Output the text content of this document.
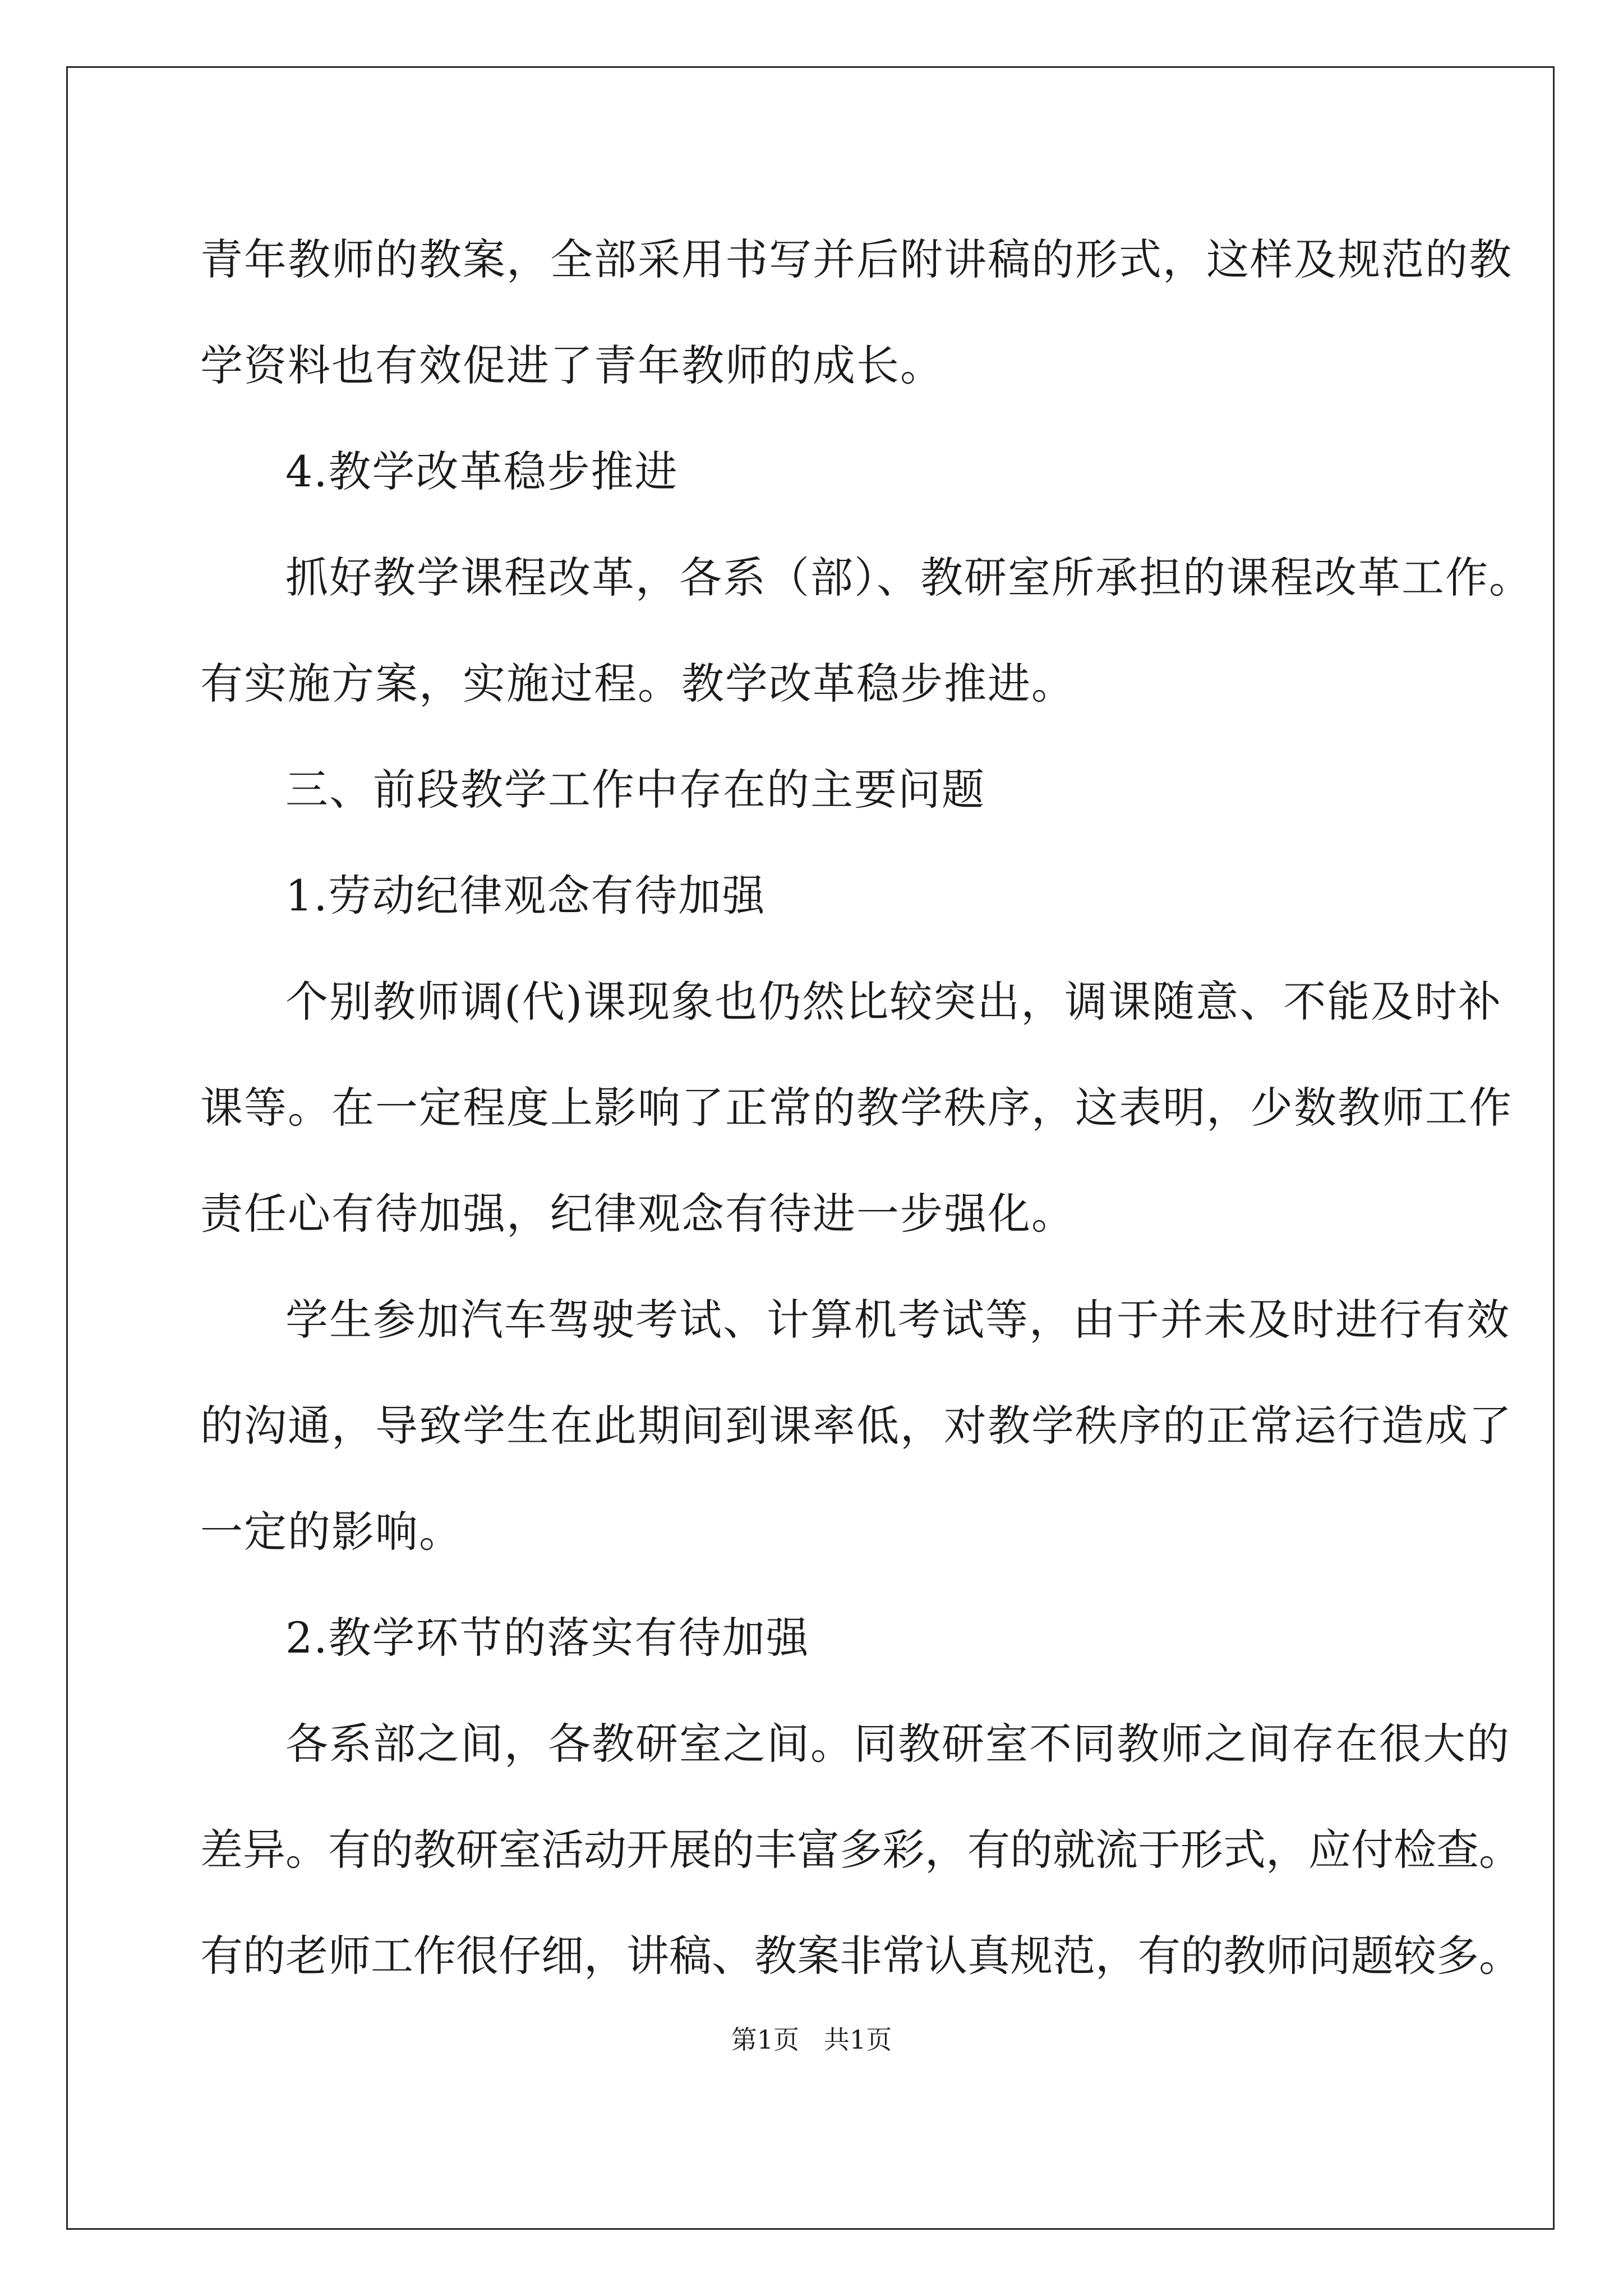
青年教师的教案，全部采用书写并后附讲稿的形式，这样及规范的教
学资料也有效促进了青年教师的成长。
4.教学改革稳步推进
抓好教学课程改革，各系（部）、教研室所承担的课程改革工作。
有实施方案，实施过程。教学改革稳步推进。
三、前段教学工作中存在的主要问题
1.劳动纪律观念有待加强
个别教师调(代)课现象也仍然比较突出，调课随意、不能及时补
课等。在一定程度上影响了正常的教学秩序，这表明，少数教师工作
责任心有待加强，纪律观念有待进一步强化。
学生参加汽车驾驶考试、计算机考试等，由于并未及时进行有效
的沟通，导致学生在此期间到课率低，对教学秩序的正常运行造成了
一定的影响。
2.教学环节的落实有待加强
各系部之间，各教研室之间。同教研室不同教师之间存在很大的
差异。有的教研室活动开展的丰富多彩，有的就流于形式，应付检查。
有的老师工作很仔细，讲稿、教案非常认真规范，有的教师问题较多。
第1页   共1页
